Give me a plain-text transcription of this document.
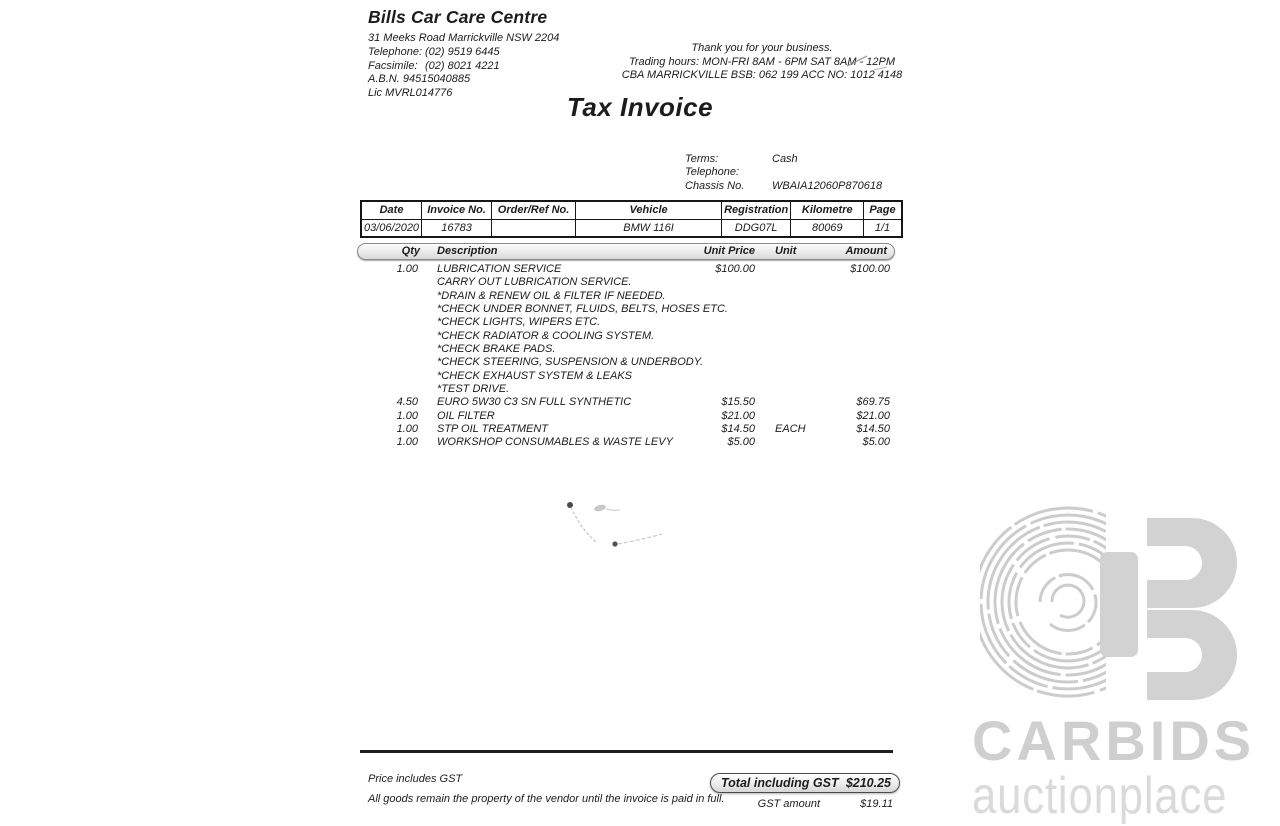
CARBIDS
auctionplace
Bills Car Care Centre
31 Meeks Road Marrickville NSW 2204
Telephone: (02) 9519 6445
Facsimile: (02) 8021 4221
A.B.N. 94515040885
Lic MVRL014776
Thank you for your business.
Trading hours: MON-FRI 8AM - 6PM SAT 8AM - 12PM
CBA MARRICKVILLE BSB: 062 199 ACC NO: 1012 4148
Tax Invoice
Terms:	Cash
Telephone:
Chassis No.	WBAIA12060P870618
Date	Invoice No.	Order/Ref No.	Vehicle	Registration	Kilometre	Page
03/06/2020	16783		BMW 116I	DDG07L	80069	1/1
Qty Description	Unit Price Unit	Amount
1.00 LUBRICATION SERVICE	$100.00	$100.00
CARRY OUT LUBRICATION SERVICE.
*DRAIN & RENEW OIL & FILTER IF NEEDED.
*CHECK UNDER BONNET, FLUIDS, BELTS, HOSES ETC.
*CHECK LIGHTS, WIPERS ETC.
*CHECK RADIATOR & COOLING SYSTEM.
*CHECK BRAKE PADS.
*CHECK STEERING, SUSPENSION & UNDERBODY.
*CHECK EXHAUST SYSTEM & LEAKS
*TEST DRIVE.
4.50 EURO 5W30 C3 SN FULL SYNTHETIC	$15.50	$69.75
1.00 OIL FILTER	$21.00	$21.00
1.00 STP OIL TREATMENT	$14.50 EACH	$14.50
1.00 WORKSHOP CONSUMABLES & WASTE LEVY	$5.00	$5.00
Price includes GST
All goods remain the property of the vendor until the invoice is paid in full.
Total including GST $210.25
GST amount	$19.11
